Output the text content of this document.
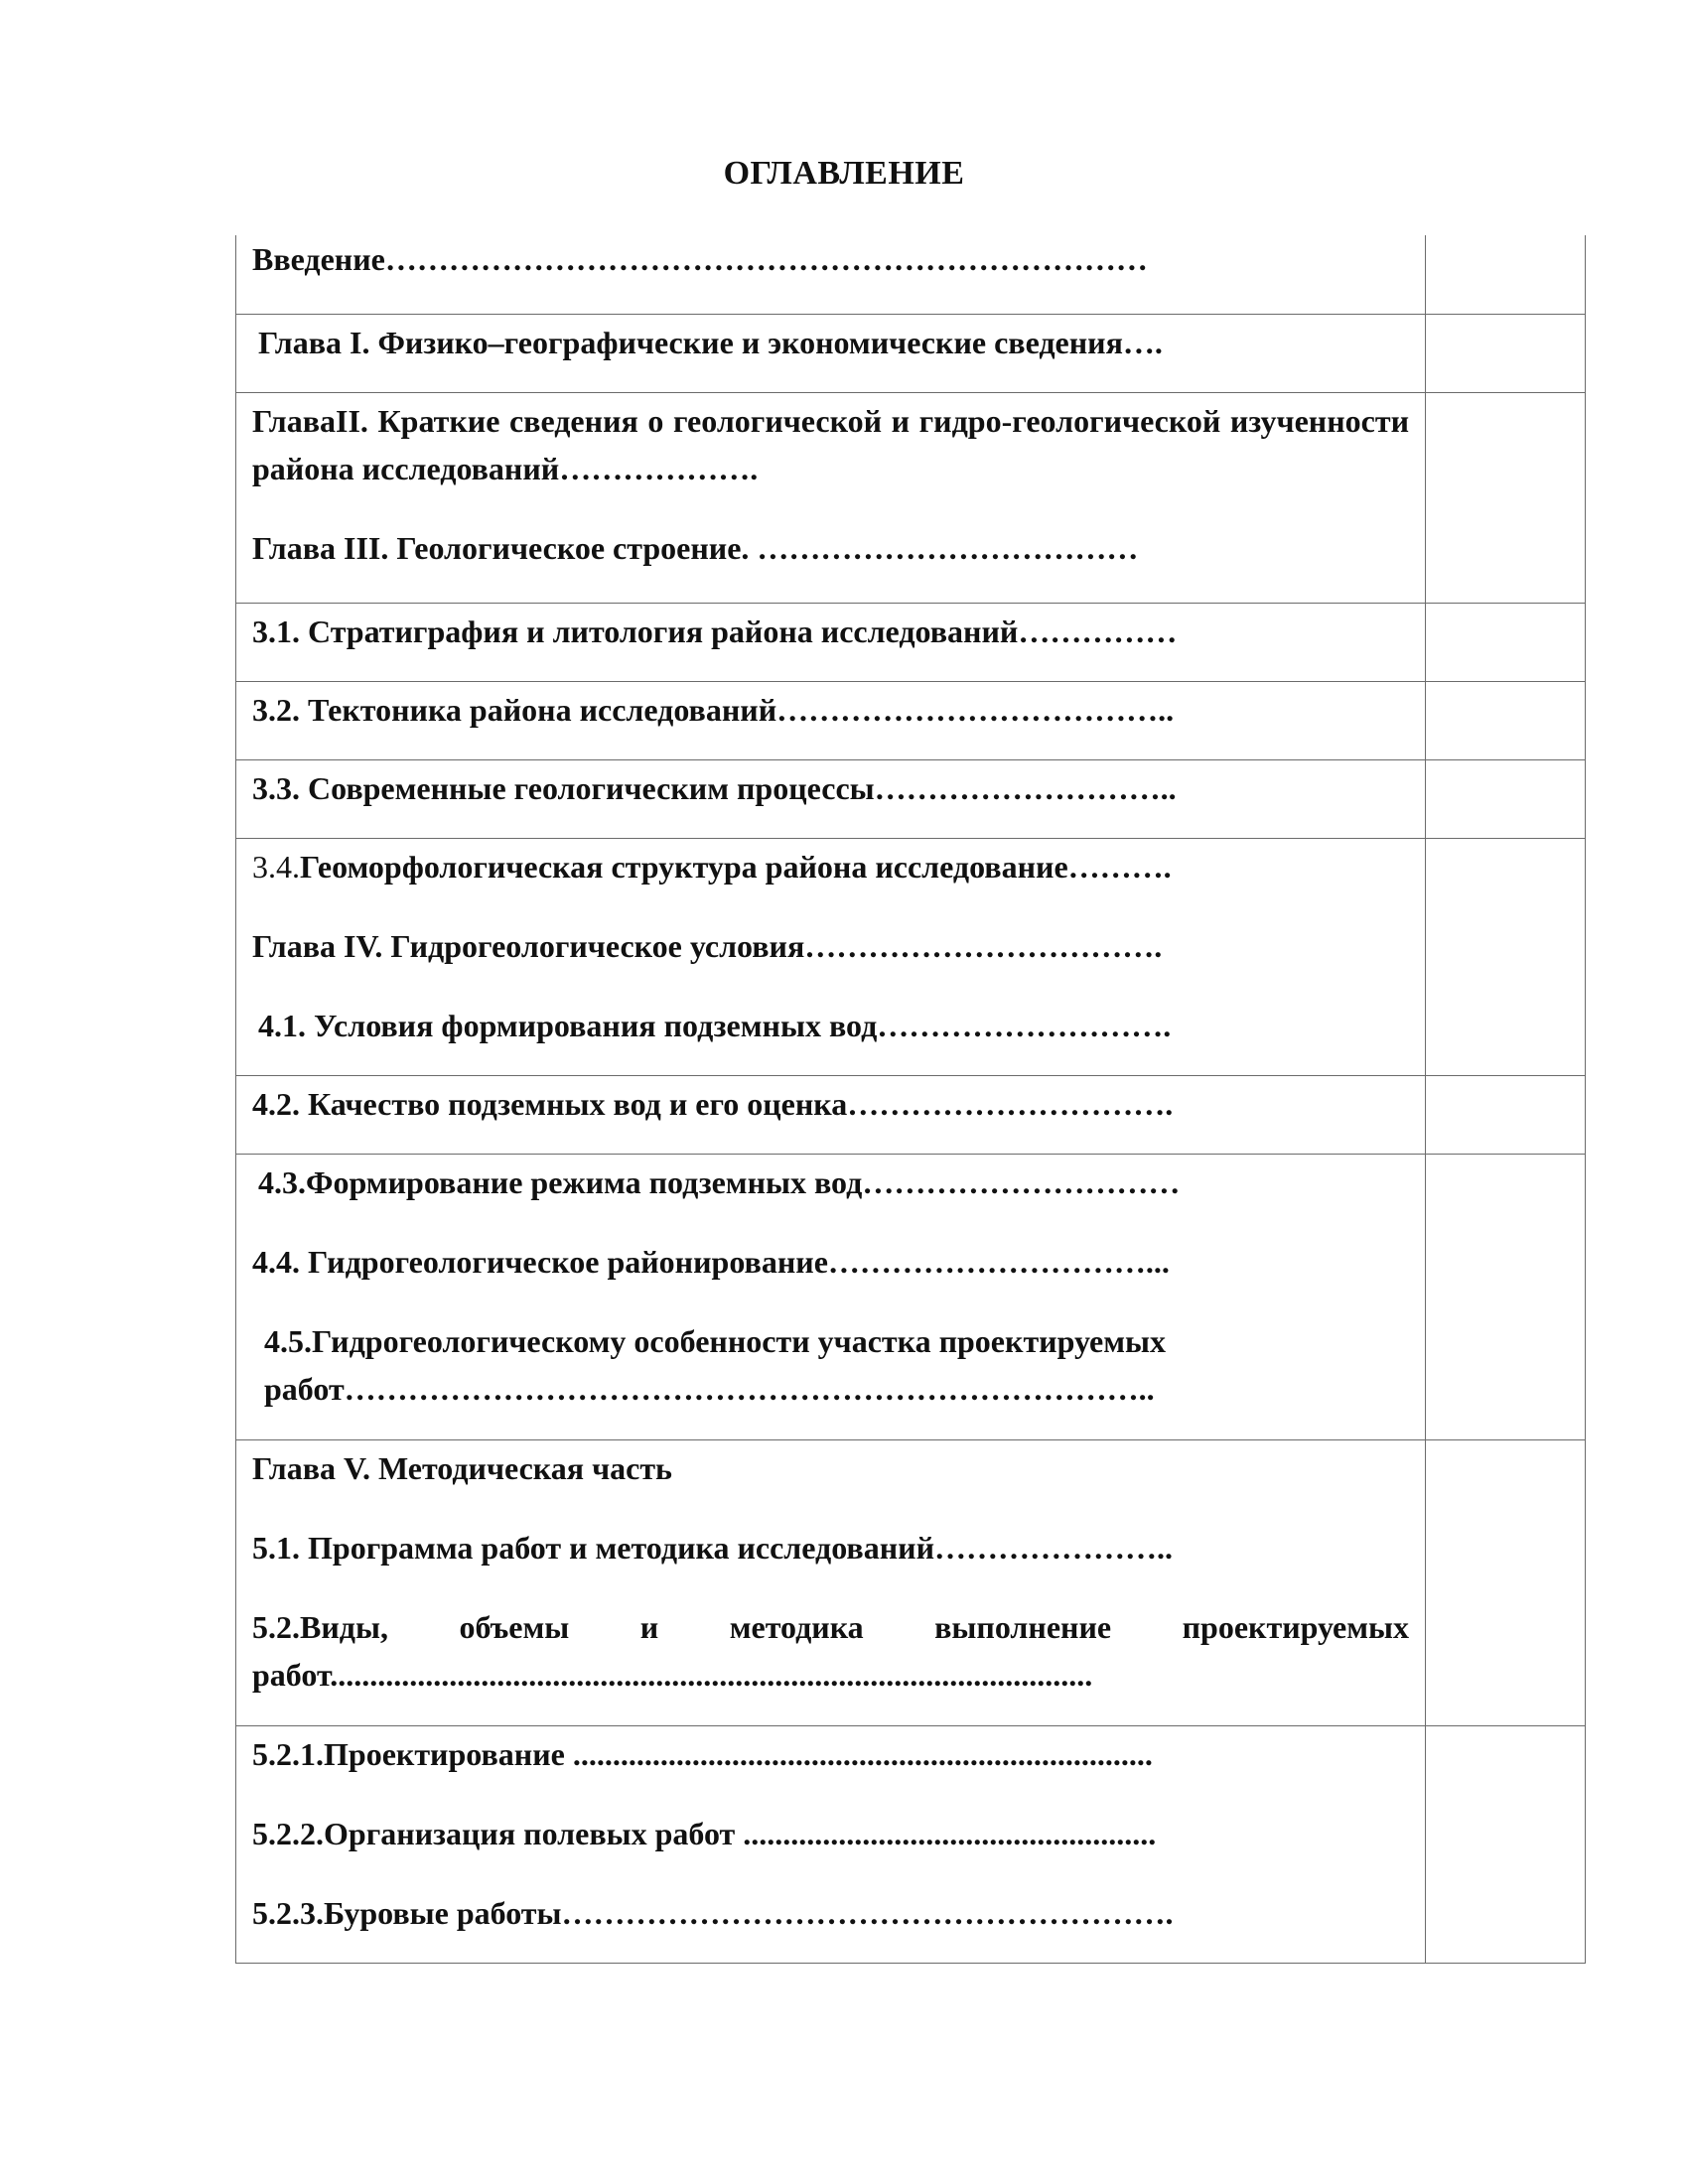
ОГЛАВЛЕНИЕ

Введение………………………………………………………………	

Глава I. Физико–географические и экономические сведения….	

ГлаваII. Краткие сведения о геологической и гидро-геологической изученности района исследований……………….

Глава III. Геологическое строение. ………………………………	

3.1. Стратиграфия и литология района исследований……………	

3.2. Тектоника района исследований………………………………..	

3.3. Современные геологическим процессы………………………..	

3.4.Геоморфологическая структура района исследование……….

Глава IV. Гидрогеологическое условия…………………………….

4.1. Условия формирования подземных вод……………………….	

4.2. Качество подземных вод и его оценка………………………….	

4.3.Формирование режима подземных вод…………………………

4.4. Гидрогеологическое районирование…………………………...

4.5.Гидрогеологическому особенности участка проектируемых работ…………………………………………………………………..	

Глава V. Методическая часть

5.1. Программа работ и методика исследований…………………..

5.2.Виды, объемы и методика выполнение проектируемых работ................................................................................................	

5.2.1.Проектирование .........................................................................

5.2.2.Организация полевых работ ....................................................

5.2.3.Буровые работы………………………………………………….	
